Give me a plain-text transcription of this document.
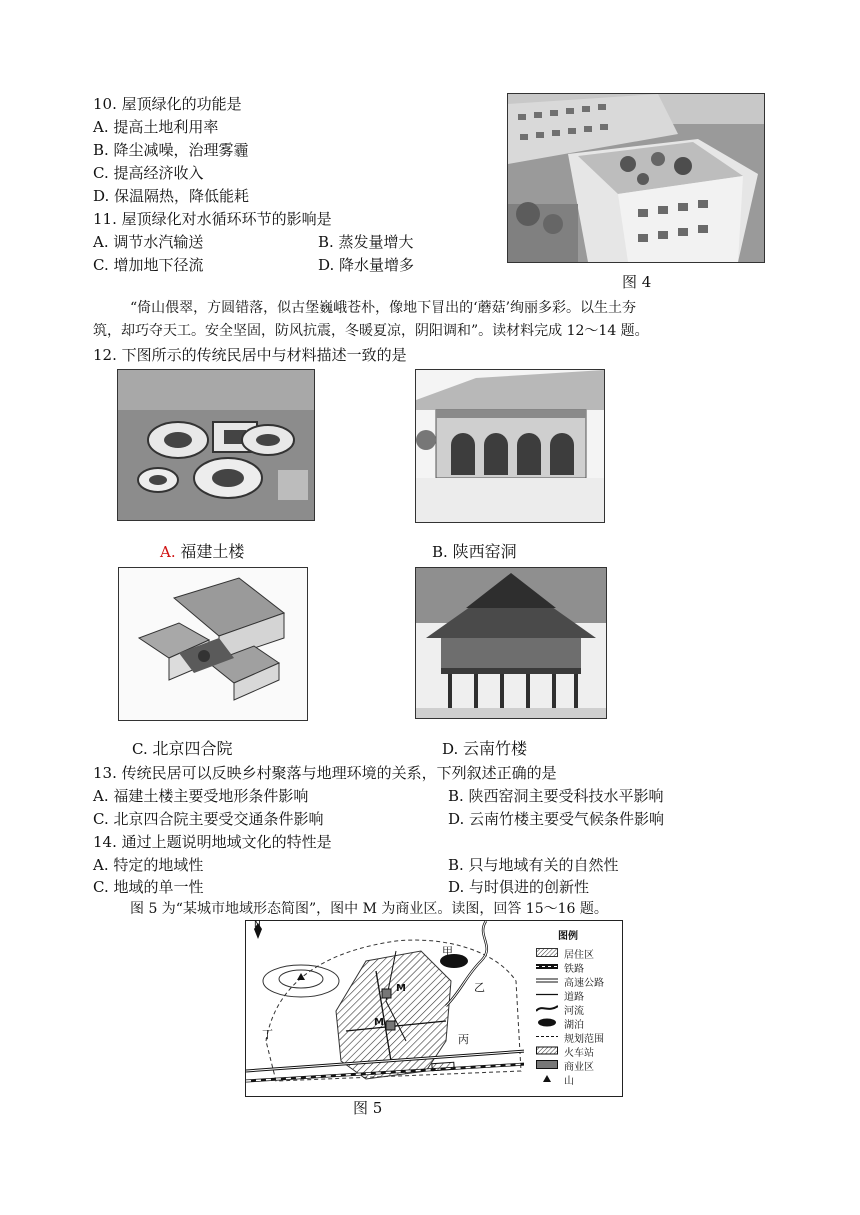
10. 屋顶绿化的功能是
A. 提高土地利用率
B. 降尘减噪，治理雾霾
C. 提高经济收入
D. 保温隔热，降低能耗
11. 屋顶绿化对水循环环节的影响是
A. 调节水汽输送	B. 蒸发量增大
C. 增加地下径流	D. 降水量增多
图 4
“倚山偎翠，方圆错落，似古堡巍峨苍朴，像地下冒出的‘蘑菇’绚丽多彩。以生土夯
筑，却巧夺天工。安全坚固，防风抗震，冬暖夏凉，阴阳调和”。读材料完成 12～14 题。
12. 下图所示的传统民居中与材料描述一致的是
A. 福建土楼	B. 陕西窑洞
C. 北京四合院	D. 云南竹楼
13. 传统民居可以反映乡村聚落与地理环境的关系，下列叙述正确的是
A. 福建土楼主要受地形条件影响	B. 陕西窑洞主要受科技水平影响
C. 北京四合院主要受交通条件影响	D. 云南竹楼主要受气候条件影响
14. 通过上题说明地域文化的特性是
A. 特定的地域性	B. 只与地域有关的自然性
C. 地域的单一性	D. 与时俱进的创新性
图 5 为“某城市地域形态简图”，图中 M 为商业区。读图，回答 15～16 题。
N
甲
乙
丙
丁
M
M
图例
居住区
铁路
高速公路
道路
河流
湖泊
规划范围
火车站
商业区
山
图 5
